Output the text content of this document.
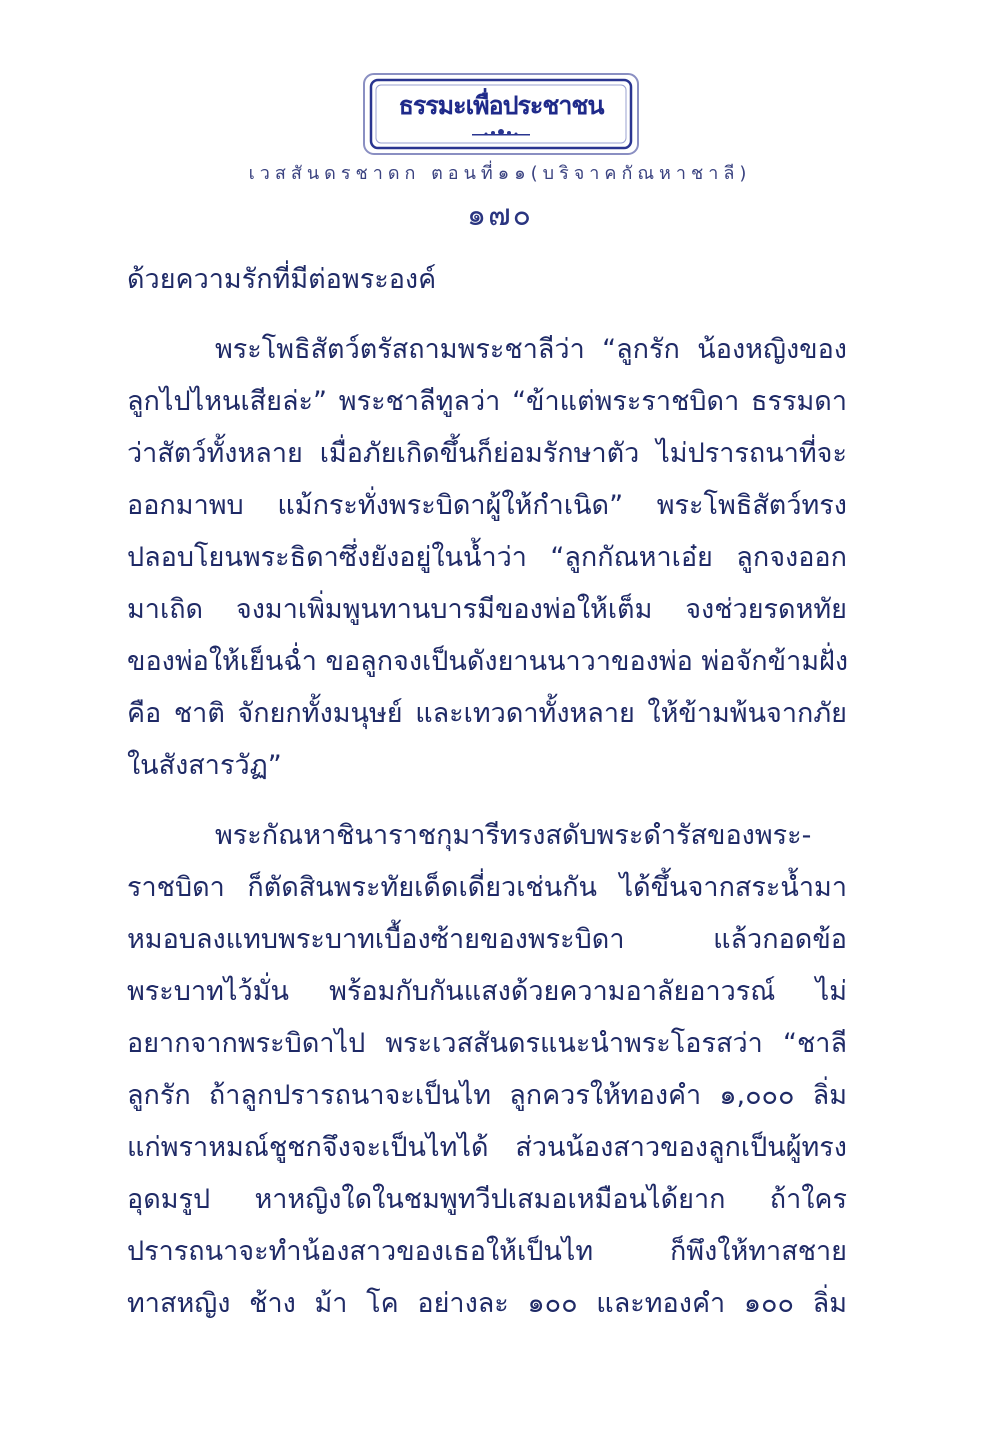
ธรรมะเพื่อประชาชน
เวสสันดรชาดก ตอนที่๑๑(บริจาคกัณหาชาลี)
๑๗๐
ด้วยความรักที่มีต่อพระองค์
พระโพธิสัตว์ตรัสถามพระชาลีว่า “ลูกรัก น้องหญิงของ
ลูกไปไหนเสียล่ะ” พระชาลีทูลว่า “ข้าแต่พระราชบิดา ธรรมดา
ว่าสัตว์ทั้งหลาย เมื่อภัยเกิดขึ้นก็ย่อมรักษาตัว ไม่ปรารถนาที่จะ
ออกมาพบ แม้กระทั่งพระบิดาผู้ให้กำเนิด” พระโพธิสัตว์ทรง
ปลอบโยนพระธิดาซึ่งยังอยู่ในน้ำว่า “ลูกกัณหาเอ๋ย ลูกจงออก
มาเถิด จงมาเพิ่มพูนทานบารมีของพ่อให้เต็ม จงช่วยรดหทัย
ของพ่อให้เย็นฉ่ำ ขอลูกจงเป็นดังยานนาวาของพ่อ พ่อจักข้ามฝั่ง
คือ ชาติ จักยกทั้งมนุษย์ และเทวดาทั้งหลาย ให้ข้ามพ้นจากภัย
ในสังสารวัฏ”
พระกัณหาชินาราชกุมารีทรงสดับพระดำรัสของพระ-
ราชบิดา ก็ตัดสินพระทัยเด็ดเดี่ยวเช่นกัน ได้ขึ้นจากสระน้ำมา
หมอบลงแทบพระบาทเบื้องซ้ายของพระบิดา แล้วกอดข้อ
พระบาทไว้มั่น พร้อมกับกันแสงด้วยความอาลัยอาวรณ์ ไม่
อยากจากพระบิดาไป พระเวสสันดรแนะนำพระโอรสว่า “ชาลี
ลูกรัก ถ้าลูกปรารถนาจะเป็นไท ลูกควรให้ทองคำ ๑,๐๐๐ ลิ่ม
แก่พราหมณ์ชูชกจึงจะเป็นไทได้ ส่วนน้องสาวของลูกเป็นผู้ทรง
อุดมรูป หาหญิงใดในชมพูทวีปเสมอเหมือนได้ยาก ถ้าใคร
ปรารถนาจะทำน้องสาวของเธอให้เป็นไท ก็พึงให้ทาสชาย
ทาสหญิง ช้าง ม้า โค อย่างละ ๑๐๐ และทองคำ ๑๐๐ ลิ่ม
